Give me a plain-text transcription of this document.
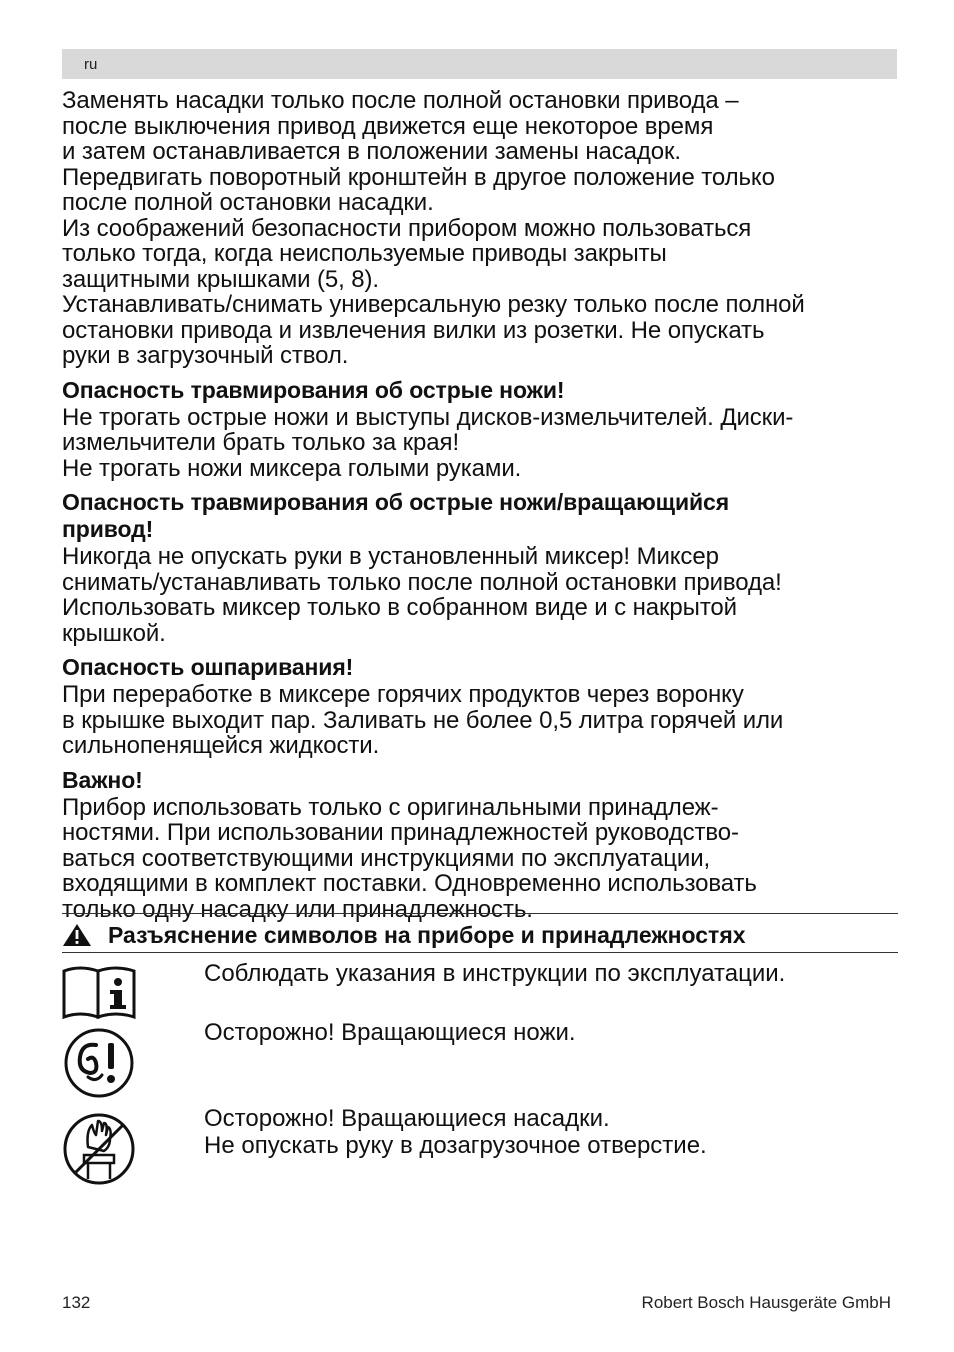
ru

Заменять насадки только после полной остановки привода –
после выключения привод движется еще некоторое время
и затем останавливается в положении замены насадок.

Передвигать поворотный кронштейн в другое положение только
после полной остановки насадки.

Из соображений безопасности прибором можно пользоваться
только тогда, когда неиспользуемые приводы закрыты
защитными крышками (5, 8).

Устанавливать/снимать универсальную резку только после полной
остановки привода и извлечения вилки из розетки. Не опускать
руки в загрузочный ствол.

Опасность травмирования об острые ножи!

Не трогать острые ножи и выступы дисков-измельчителей. Диски-
измельчители брать только за края!
Не трогать ножи миксера голыми руками.

Опасность травмирования об острые ножи/вращающийся
привод!

Никогда не опускать руки в установленный миксер! Миксер
снимать/устанавливать только после полной остановки привода!
Использовать миксер только в собранном виде и с накрытой
крышкой.

Опасность ошпаривания!

При переработке в миксере горячих продуктов через воронку
в крышке выходит пар. Заливать не более 0,5 литра горячей или
сильнопенящейся жидкости.

Важно!

Прибор использовать только с оригинальными принадлеж-
ностями. При использовании принадлежностей руководство-
ваться соответствующими инструкциями по эксплуатации,
входящими в комплект поставки. Одновременно использовать
только одну насадку или принадлежность.

Разъяснение символов на приборе и принадлежностях
Соблюдать указания в инструкции по эксплуатации.
Осторожно! Вращающиеся ножи.
Осторожно! Вращающиеся насадки.
Не опускать руку в дозагрузочное отверстие.
132	Robert Bosch Hausgeräte GmbH
